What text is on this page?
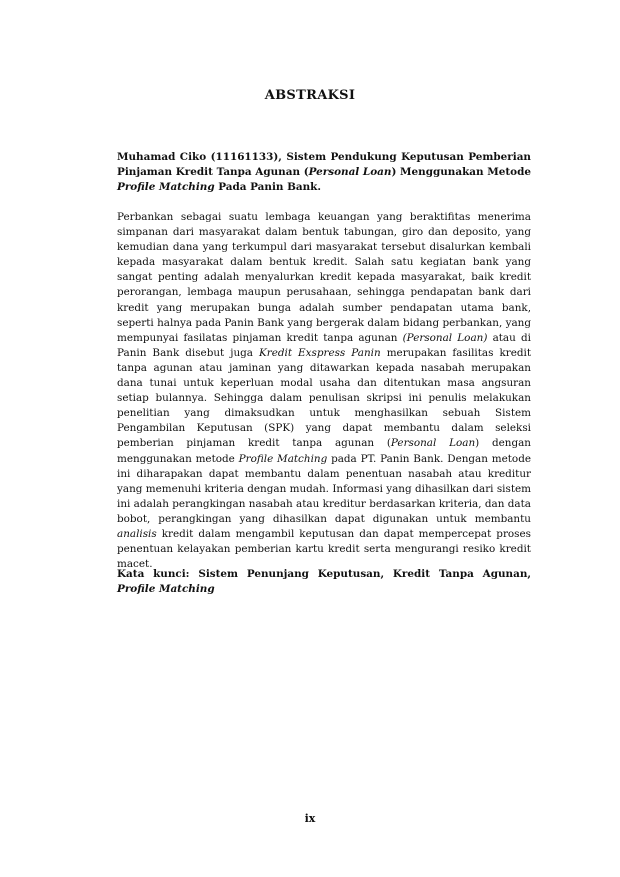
ABSTRAKSI
Muhamad Ciko (11161133), Sistem Pendukung Keputusan Pemberian Pinjaman Kredit Tanpa Agunan (Personal Loan) Menggunakan Metode Profile Matching Pada Panin Bank.
Perbankan sebagai suatu lembaga keuangan yang beraktifitas menerima simpanan dari masyarakat dalam bentuk tabungan, giro dan deposito, yang kemudian dana yang terkumpul dari masyarakat tersebut disalurkan kembali kepada masyarakat dalam bentuk kredit. Salah satu kegiatan bank yang sangat penting adalah menyalurkan kredit kepada masyarakat, baik kredit perorangan, lembaga maupun perusahaan, sehingga pendapatan bank dari kredit yang merupakan bunga adalah sumber pendapatan utama bank, seperti halnya pada Panin Bank yang bergerak dalam bidang perbankan, yang mempunyai fasilatas pinjaman kredit tanpa agunan (Personal Loan) atau di Panin Bank disebut juga Kredit Exspress Panin merupakan fasilitas kredit tanpa agunan atau jaminan yang ditawarkan kepada nasabah merupakan dana tunai untuk keperluan modal usaha dan ditentukan masa angsuran setiap bulannya. Sehingga dalam penulisan skripsi ini penulis melakukan penelitian yang dimaksudkan untuk menghasilkan sebuah Sistem Pengambilan Keputusan (SPK) yang dapat membantu dalam seleksi pemberian pinjaman kredit tanpa agunan (Personal Loan) dengan menggunakan metode Profile Matching pada PT. Panin Bank. Dengan metode ini diharapakan dapat membantu dalam penentuan nasabah atau kreditur yang memenuhi kriteria dengan mudah. Informasi yang dihasilkan dari sistem ini adalah perangkingan nasabah atau kreditur berdasarkan kriteria, dan data bobot, perangkingan yang dihasilkan dapat digunakan untuk membantu analisis kredit dalam mengambil keputusan dan dapat mempercepat proses penentuan kelayakan pemberian kartu kredit serta mengurangi resiko kredit macet.
Kata kunci: Sistem Penunjang Keputusan, Kredit Tanpa Agunan, Profile Matching
ix
